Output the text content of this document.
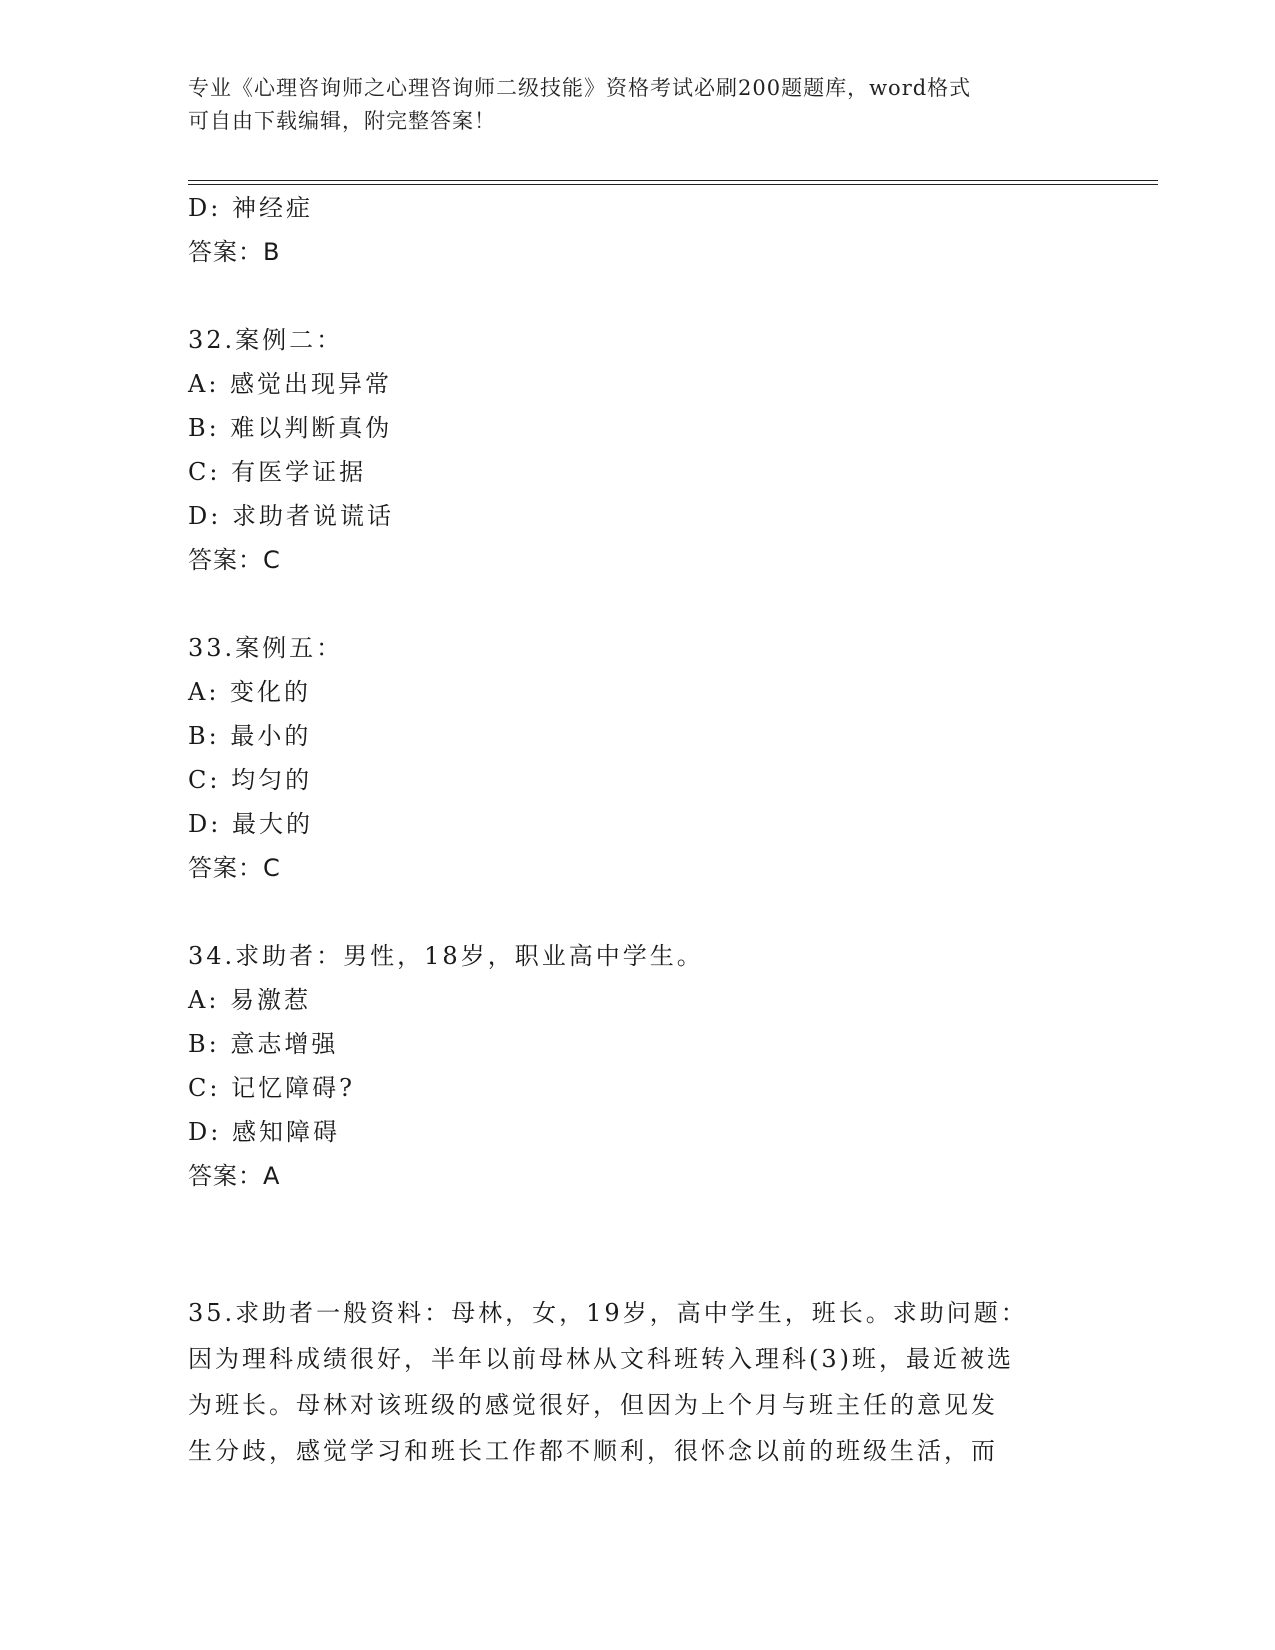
专业《心理咨询师之心理咨询师二级技能》资格考试必刷200题题库，word格式
可自由下载编辑，附完整答案！
D: 神经症
答案：B
32.案例二：
A: 感觉出现异常
B: 难以判断真伪
C: 有医学证据
D: 求助者说谎话
答案：C
33.案例五：
A: 变化的
B: 最小的
C: 均匀的
D: 最大的
答案：C
34.求助者：男性，18岁，职业高中学生。
A: 易激惹
B: 意志增强
C: 记忆障碍?
D: 感知障碍
答案：A
35.求助者一般资料：母林，女，19岁，高中学生，班长。求助问题：
因为理科成绩很好，半年以前母林从文科班转入理科(3)班，最近被选
为班长。母林对该班级的感觉很好，但因为上个月与班主任的意见发
生分歧，感觉学习和班长工作都不顺利，很怀念以前的班级生活，而
